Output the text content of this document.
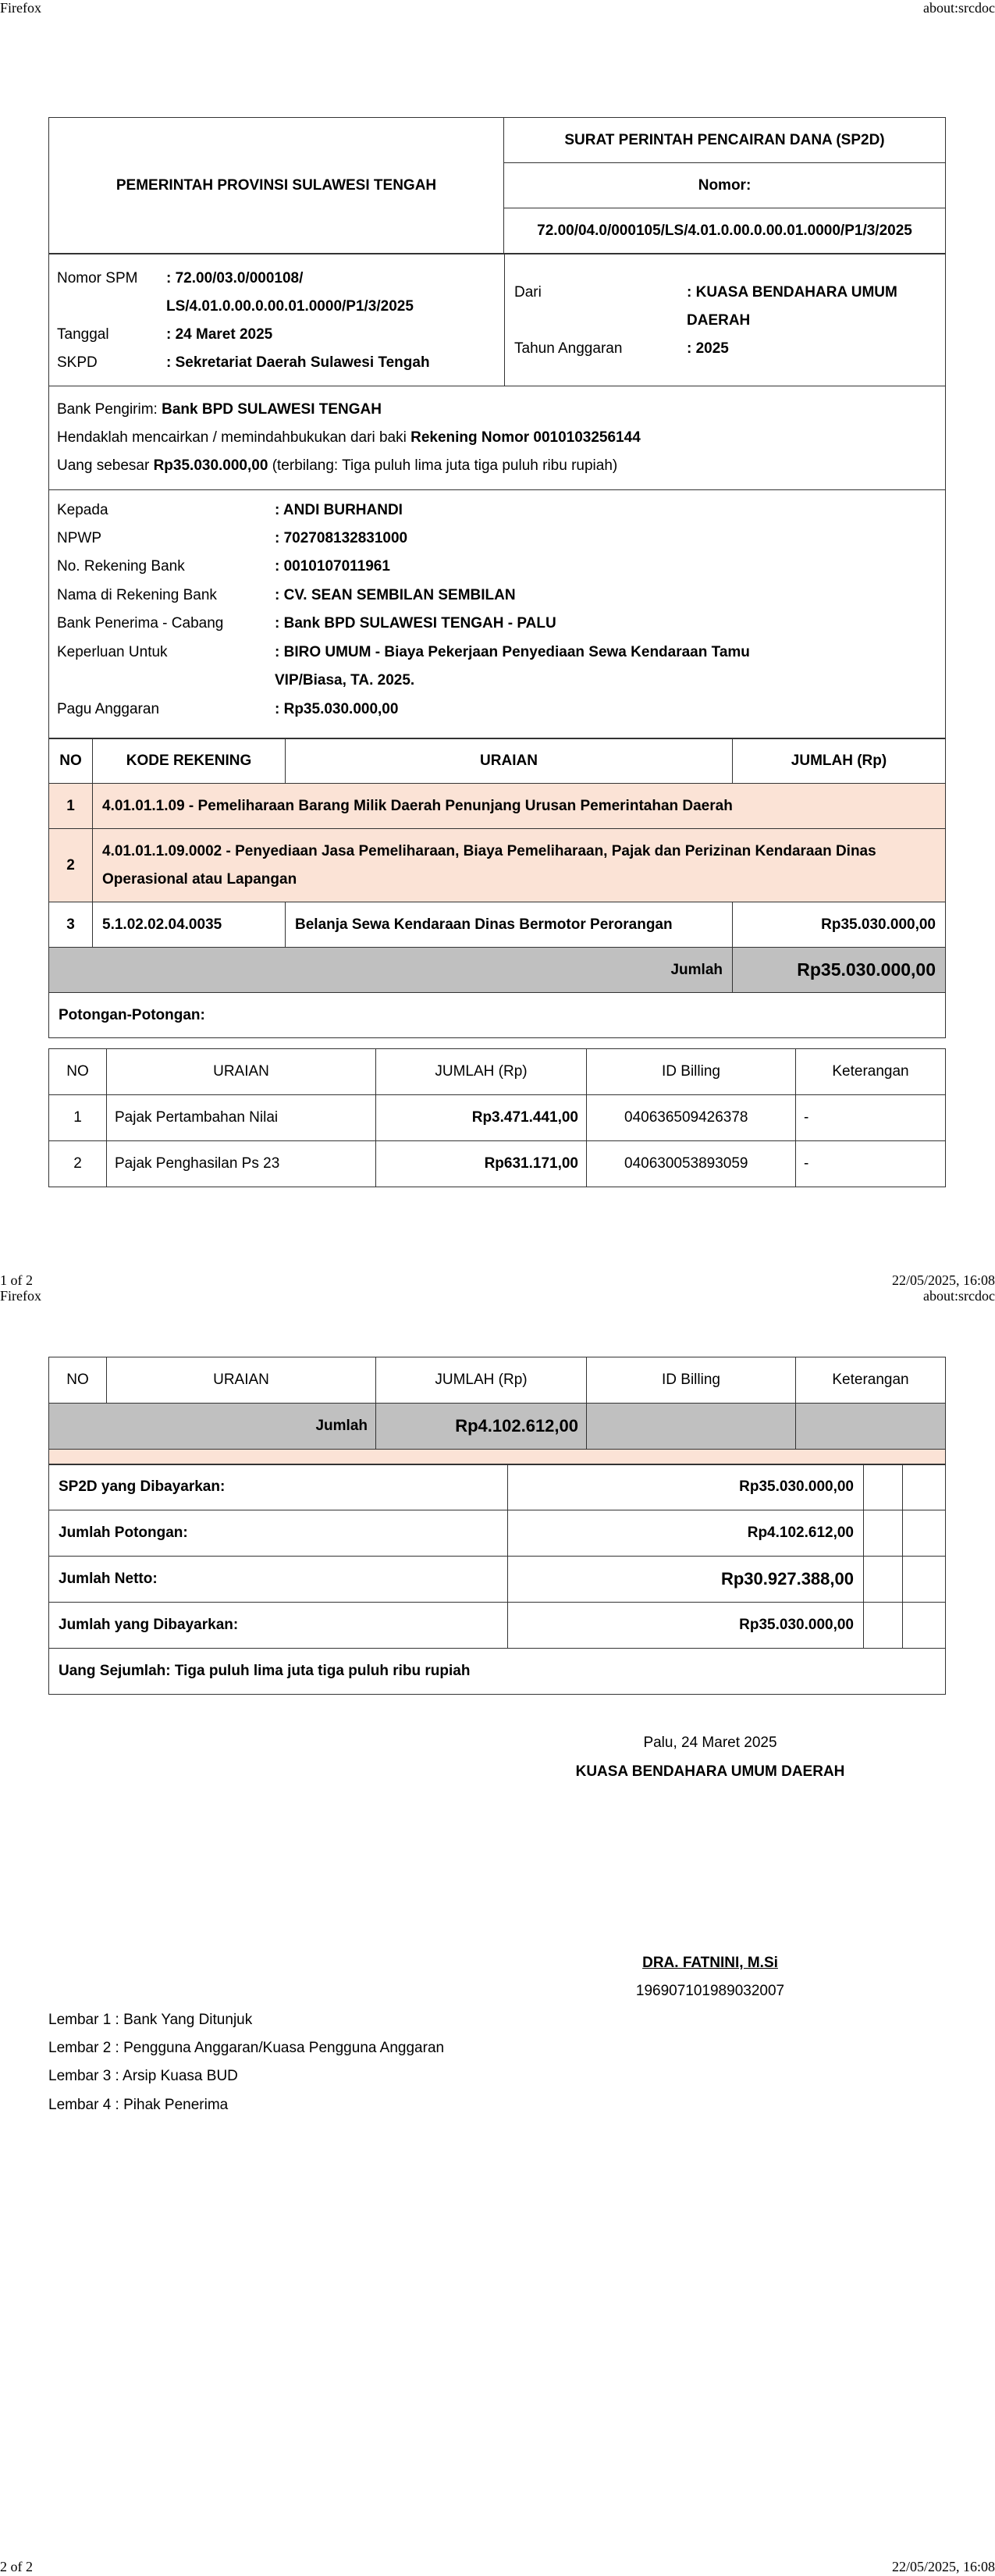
Firefox	about:srcdoc
PEMERINTAH PROVINSI SULAWESI TENGAH	SURAT PERINTAH PENCAIRAN DANA (SP2D)
Nomor:
72.00/04.0/000105/LS/4.01.0.00.0.00.01.0000/P1/3/2025
Nomor SPM : 72.00/03.0/000108/
LS/4.01.0.00.0.00.01.0000/P1/3/2025
Tanggal	: 24 Maret 2025
SKPD	: Sekretariat Daerah Sulawesi Tengah
Dari	: KUASA BENDAHARA UMUM
DAERAH
Tahun Anggaran	: 2025
Bank Pengirim: Bank BPD SULAWESI TENGAH
Hendaklah mencairkan / memindahbukukan dari baki Rekening Nomor 0010103256144
Uang sebesar Rp35.030.000,00 (terbilang: Tiga puluh lima juta tiga puluh ribu rupiah)
Kepada	: ANDI BURHANDI
NPWP	: 702708132831000
No. Rekening Bank	: 0010107011961
Nama di Rekening Bank	: CV. SEAN SEMBILAN SEMBILAN
Bank Penerima - Cabang	: Bank BPD SULAWESI TENGAH - PALU
Keperluan Untuk	: BIRO UMUM - Biaya Pekerjaan Penyediaan Sewa Kendaraan Tamu
VIP/Biasa, TA. 2025.
Pagu Anggaran	: Rp35.030.000,00
NO	KODE REKENING	URAIAN	JUMLAH (Rp)
1	4.01.01.1.09 - Pemeliharaan Barang Milik Daerah Penunjang Urusan Pemerintahan Daerah		
2	4.01.01.1.09.0002 - Penyediaan Jasa Pemeliharaan, Biaya Pemeliharaan, Pajak dan Perizinan Kendaraan Dinas Operasional atau Lapangan		
3	5.1.02.02.04.0035	Belanja Sewa Kendaraan Dinas Bermotor Perorangan	Rp35.030.000,00
Jumlah			Rp35.030.000,00
Potongan-Potongan:			
NO	URAIAN	JUMLAH (Rp)	ID Billing	Keterangan
1	Pajak Pertambahan Nilai	Rp3.471.441,00	040636509426378	-
2	Pajak Penghasilan Ps 23	Rp631.171,00	040630053893059	-
1 of 2	22/05/2025, 16:08
Firefox	about:srcdoc
NO	URAIAN	JUMLAH (Rp)	ID Billing	Keterangan
Jumlah		Rp4.102.612,00		

SP2D yang Dibayarkan:	Rp35.030.000,00		
Jumlah Potongan:	Rp4.102.612,00		
Jumlah Netto:	Rp30.927.388,00		
Jumlah yang Dibayarkan:	Rp35.030.000,00		
Uang Sejumlah: Tiga puluh lima juta tiga puluh ribu rupiah			
Palu, 24 Maret 2025
KUASA BENDAHARA UMUM DAERAH
DRA. FATNINI, M.Si
196907101989032007
Lembar 1 : Bank Yang Ditunjuk
Lembar 2 : Pengguna Anggaran/Kuasa Pengguna Anggaran
Lembar 3 : Arsip Kuasa BUD
Lembar 4 : Pihak Penerima
2 of 2	22/05/2025, 16:08
